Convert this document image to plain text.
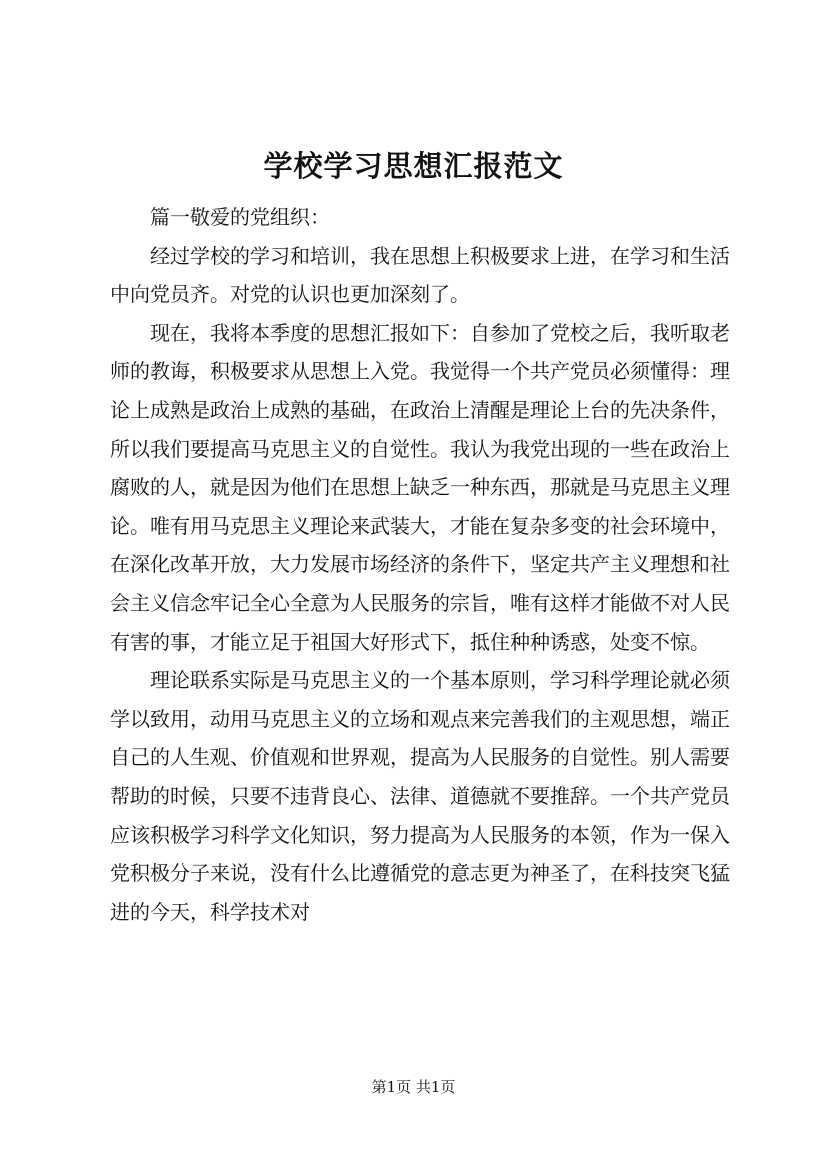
学校学习思想汇报范文

篇一敬爱的党组织：

经过学校的学习和培训，我在思想上积极要求上进，在学习和生活中向党员齐。对党的认识也更加深刻了。

现在，我将本季度的思想汇报如下：自参加了党校之后，我听取老师的教诲，积极要求从思想上入党。我觉得一个共产党员必须懂得：理论上成熟是政治上成熟的基础，在政治上清醒是理论上台的先决条件，所以我们要提高马克思主义的自觉性。我认为我党出现的一些在政治上腐败的人，就是因为他们在思想上缺乏一种东西，那就是马克思主义理论。唯有用马克思主义理论来武装大，才能在复杂多变的社会环境中，在深化改革开放，大力发展市场经济的条件下，坚定共产主义理想和社会主义信念牢记全心全意为人民服务的宗旨，唯有这样才能做不对人民有害的事，才能立足于祖国大好形式下，抵住种种诱惑，处变不惊。

理论联系实际是马克思主义的一个基本原则，学习科学理论就必须学以致用，动用马克思主义的立场和观点来完善我们的主观思想，端正自己的人生观、价值观和世界观，提高为人民服务的自觉性。别人需要帮助的时候，只要不违背良心、法律、道德就不要推辞。一个共产党员应该积极学习科学文化知识，努力提高为人民服务的本领，作为一保入党积极分子来说，没有什么比遵循党的意志更为神圣了，在科技突飞猛进的今天，科学技术对

第1页 共1页
